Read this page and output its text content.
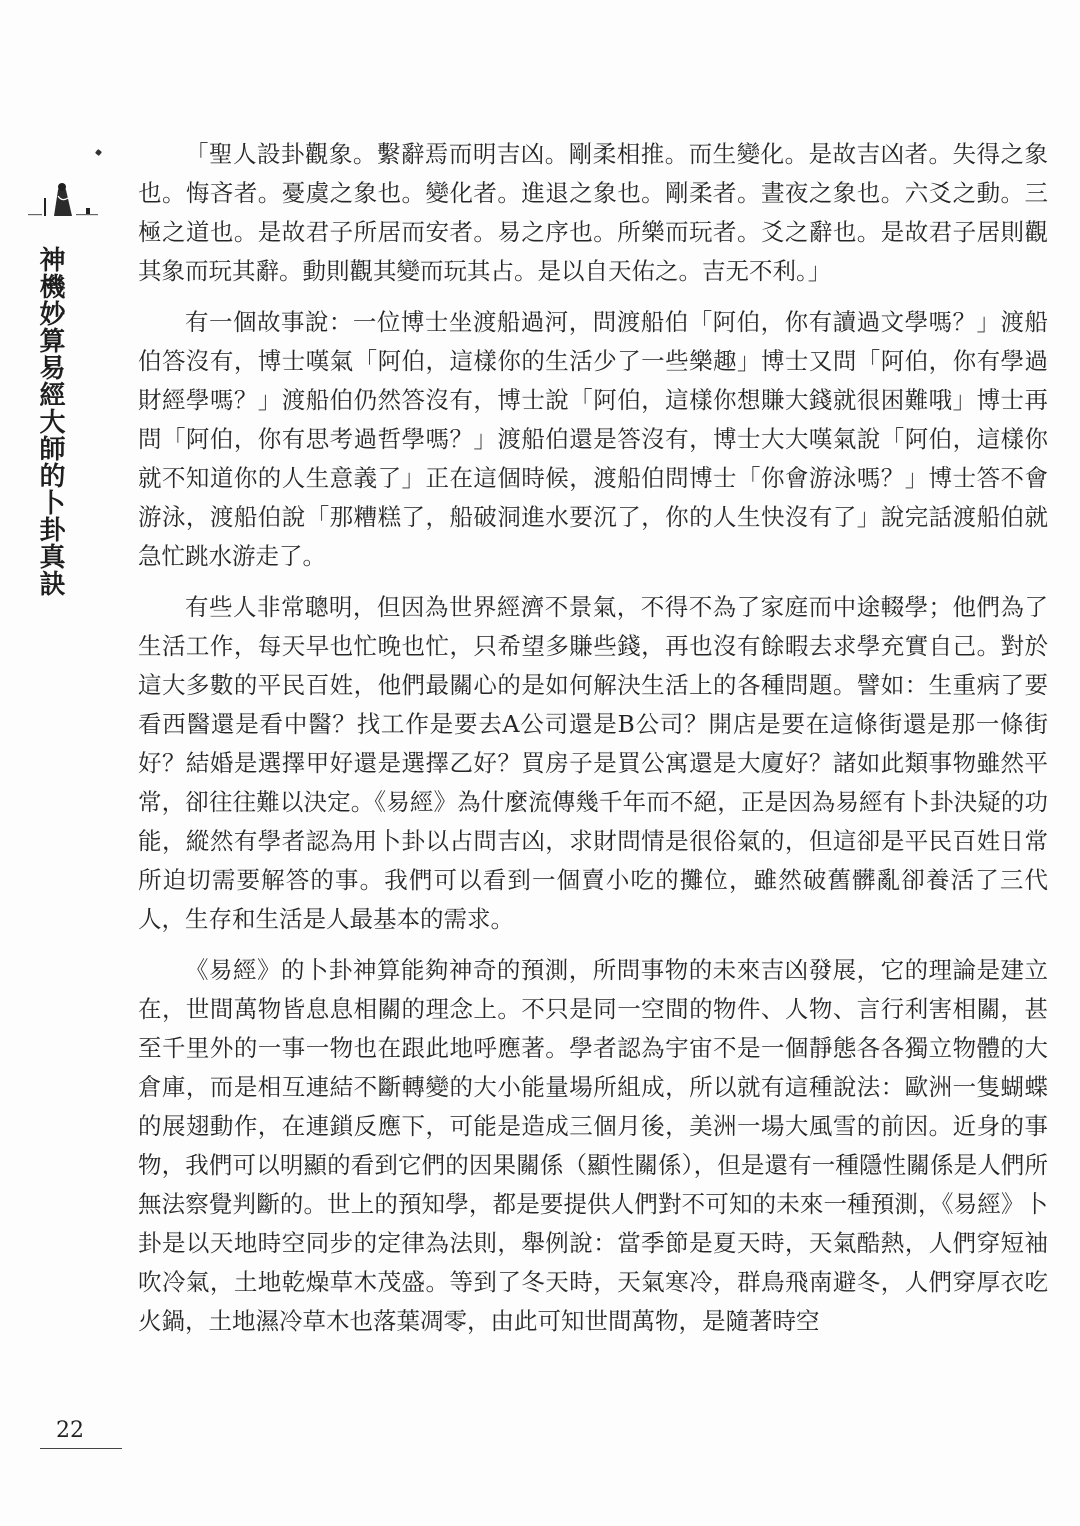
神機妙算易經大師的卜卦真訣

「聖人設卦觀象。繫辭焉而明吉凶。剛柔相推。而生變化。是故吉凶者。失得之象也。悔吝者。憂虞之象也。變化者。進退之象也。剛柔者。晝夜之象也。六爻之動。三極之道也。是故君子所居而安者。易之序也。所樂而玩者。爻之辭也。是故君子居則觀其象而玩其辭。動則觀其變而玩其占。是以自天佑之。吉无不利。」

有一個故事說：一位博士坐渡船過河，問渡船伯「阿伯，你有讀過文學嗎？」渡船伯答沒有，博士嘆氣「阿伯，這樣你的生活少了一些樂趣」博士又問「阿伯，你有學過財經學嗎？」渡船伯仍然答沒有，博士說「阿伯，這樣你想賺大錢就很困難哦」博士再問「阿伯，你有思考過哲學嗎？」渡船伯還是答沒有，博士大大嘆氣說「阿伯，這樣你就不知道你的人生意義了」正在這個時候，渡船伯問博士「你會游泳嗎？」博士答不會游泳，渡船伯說「那糟糕了，船破洞進水要沉了，你的人生快沒有了」說完話渡船伯就急忙跳水游走了。

有些人非常聰明，但因為世界經濟不景氣，不得不為了家庭而中途輟學；他們為了生活工作，每天早也忙晚也忙，只希望多賺些錢，再也沒有餘暇去求學充實自己。對於這大多數的平民百姓，他們最關心的是如何解決生活上的各種問題。譬如：生重病了要看西醫還是看中醫？找工作是要去A公司還是B公司？開店是要在這條街還是那一條街好？結婚是選擇甲好還是選擇乙好？買房子是買公寓還是大廈好？諸如此類事物雖然平常，卻往往難以決定。《易經》為什麼流傳幾千年而不絕，正是因為易經有卜卦決疑的功能，縱然有學者認為用卜卦以占問吉凶，求財問情是很俗氣的，但這卻是平民百姓日常所迫切需要解答的事。我們可以看到一個賣小吃的攤位，雖然破舊髒亂卻養活了三代人，生存和生活是人最基本的需求。

《易經》的卜卦神算能夠神奇的預測，所問事物的未來吉凶發展，它的理論是建立在，世間萬物皆息息相關的理念上。不只是同一空間的物件、人物、言行利害相關，甚至千里外的一事一物也在跟此地呼應著。學者認為宇宙不是一個靜態各各獨立物體的大倉庫，而是相互連結不斷轉變的大小能量場所組成，所以就有這種說法：歐洲一隻蝴蝶的展翅動作，在連鎖反應下，可能是造成三個月後，美洲一場大風雪的前因。近身的事物，我們可以明顯的看到它們的因果關係（顯性關係），但是還有一種隱性關係是人們所無法察覺判斷的。世上的預知學，都是要提供人們對不可知的未來一種預測，《易經》卜卦是以天地時空同步的定律為法則，舉例說：當季節是夏天時，天氣酷熱，人們穿短袖吹冷氣，土地乾燥草木茂盛。等到了冬天時，天氣寒冷，群鳥飛南避冬，人們穿厚衣吃火鍋，土地濕冷草木也落葉凋零，由此可知世間萬物，是隨著時空

22
